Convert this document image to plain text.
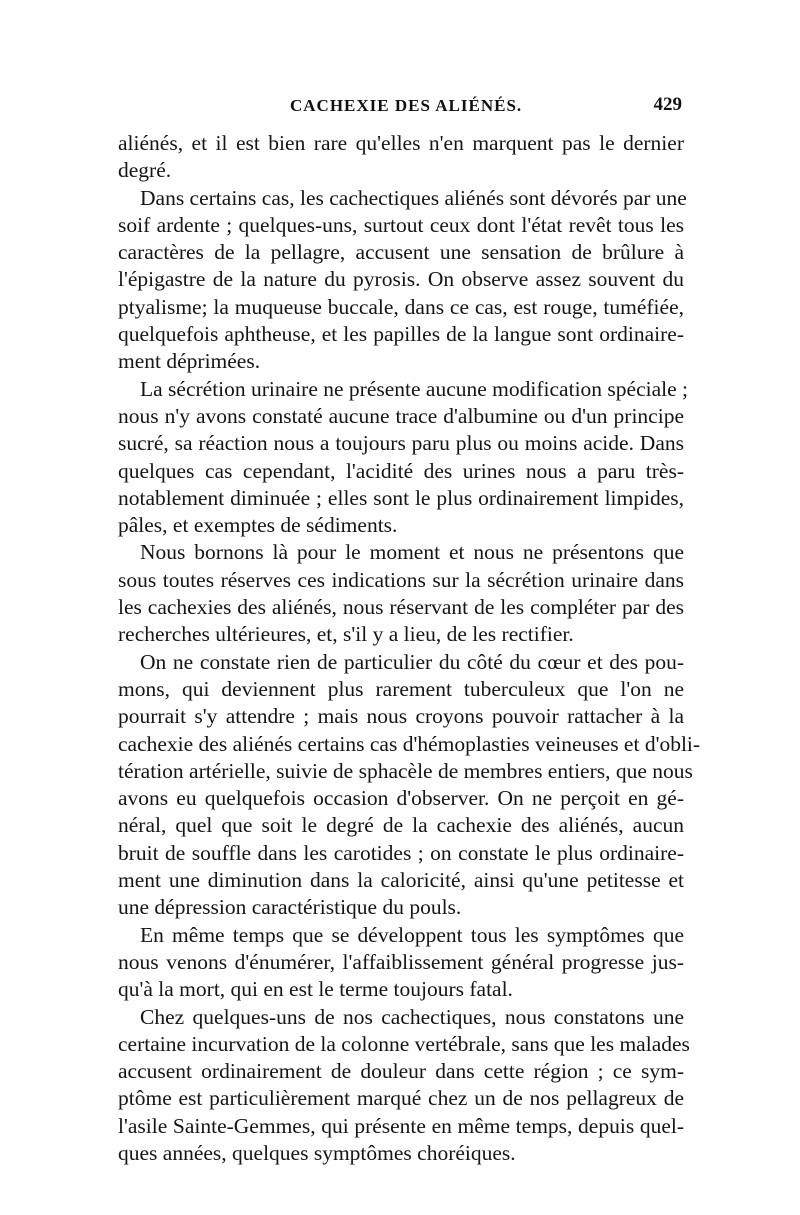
CACHEXIE DES ALIÉNÉS.	429

aliénés, et il est bien rare qu'elles n'en marquent pas le dernier
degré.

Dans certains cas, les cachectiques aliénés sont dévorés par une
soif ardente ; quelques-uns, surtout ceux dont l'état revêt tous les
caractères de la pellagre, accusent une sensation de brûlure à
l'épigastre de la nature du pyrosis. On observe assez souvent du
ptyalisme; la muqueuse buccale, dans ce cas, est rouge, tuméfiée,
quelquefois aphtheuse, et les papilles de la langue sont ordinaire-
ment déprimées.

La sécrétion urinaire ne présente aucune modification spéciale ;
nous n'y avons constaté aucune trace d'albumine ou d'un principe
sucré, sa réaction nous a toujours paru plus ou moins acide. Dans
quelques cas cependant, l'acidité des urines nous a paru très-
notablement diminuée ; elles sont le plus ordinairement limpides,
pâles, et exemptes de sédiments.

Nous bornons là pour le moment et nous ne présentons que
sous toutes réserves ces indications sur la sécrétion urinaire dans
les cachexies des aliénés, nous réservant de les compléter par des
recherches ultérieures, et, s'il y a lieu, de les rectifier.

On ne constate rien de particulier du côté du cœur et des pou-
mons, qui deviennent plus rarement tuberculeux que l'on ne
pourrait s'y attendre ; mais nous croyons pouvoir rattacher à la
cachexie des aliénés certains cas d'hémoplasties veineuses et d'obli-
tération artérielle, suivie de sphacèle de membres entiers, que nous
avons eu quelquefois occasion d'observer. On ne perçoit en gé-
néral, quel que soit le degré de la cachexie des aliénés, aucun
bruit de souffle dans les carotides ; on constate le plus ordinaire-
ment une diminution dans la caloricité, ainsi qu'une petitesse et
une dépression caractéristique du pouls.

En même temps que se développent tous les symptômes que
nous venons d'énumérer, l'affaiblissement général progresse jus-
qu'à la mort, qui en est le terme toujours fatal.

Chez quelques-uns de nos cachectiques, nous constatons une
certaine incurvation de la colonne vertébrale, sans que les malades
accusent ordinairement de douleur dans cette région ; ce sym-
ptôme est particulièrement marqué chez un de nos pellagreux de
l'asile Sainte-Gemmes, qui présente en même temps, depuis quel-
ques années, quelques symptômes choréiques.
